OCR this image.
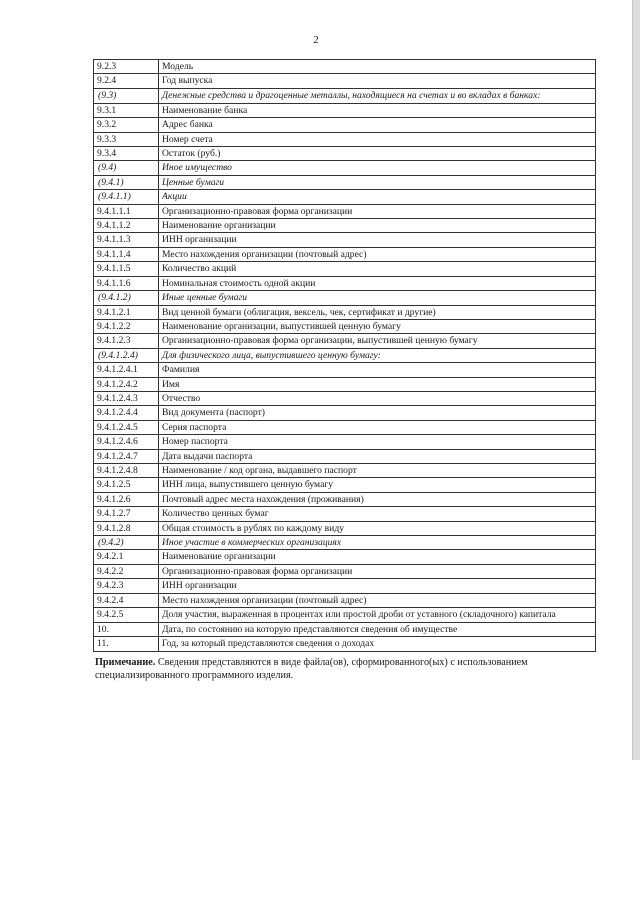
2
9.2.3	Модель
9.2.4	Год выпуска
(9.3)	Денежные средства и драгоценные металлы, находящиеся на счетах и во вкладах в банках:
9.3.1	Наименование банка
9.3.2	Адрес банка
9.3.3	Номер счета
9.3.4	Остаток (руб.)
(9.4)	Иное имущество
(9.4.1)	Ценные бумаги
(9.4.1.1)	Акции
9.4.1.1.1	Организационно-правовая форма организации
9.4.1.1.2	Наименование организации
9.4.1.1.3	ИНН организации
9.4.1.1.4	Место нахождения организации (почтовый адрес)
9.4.1.1.5	Количество акций
9.4.1.1.6	Номинальная стоимость одной акции
(9.4.1.2)	Иные ценные бумаги
9.4.1.2.1	Вид ценной бумаги (облигация, вексель, чек, сертификат и другие)
9.4.1.2.2	Наименование организации, выпустившей ценную бумагу
9.4.1.2.3	Организационно-правовая форма организации, выпустившей ценную бумагу
(9.4.1.2.4)	Для физического лица, выпустившего ценную бумагу:
9.4.1.2.4.1	Фамилия
9.4.1.2.4.2	Имя
9.4.1.2.4.3	Отчество
9.4.1.2.4.4	Вид документа (паспорт)
9.4.1.2.4.5	Серия паспорта
9.4.1.2.4.6	Номер паспорта
9.4.1.2.4.7	Дата выдачи паспорта
9.4.1.2.4.8	Наименование / код органа, выдавшего паспорт
9.4.1.2.5	ИНН лица, выпустившего ценную бумагу
9.4.1.2.6	Почтовый адрес места нахождения (проживания)
9.4.1.2.7	Количество ценных бумаг
9.4.1.2.8	Общая стоимость в рублях по каждому виду
(9.4.2)	Иное участие в коммерческих организациях
9.4.2.1	Наименование организации
9.4.2.2	Организационно-правовая форма организации
9.4.2.3	ИНН организации
9.4.2.4	Место нахождения организации (почтовый адрес)
9.4.2.5	Доля участия, выраженная в процентах или простой дроби от уставного (складочного) капитала
10.	Дата, по состоянию на которую представляются сведения об имуществе
11.	Год, за который представляются сведения о доходах
Примечание. Сведения представляются в виде файла(ов), сформированного(ых) с использованием специализированного программного изделия.
